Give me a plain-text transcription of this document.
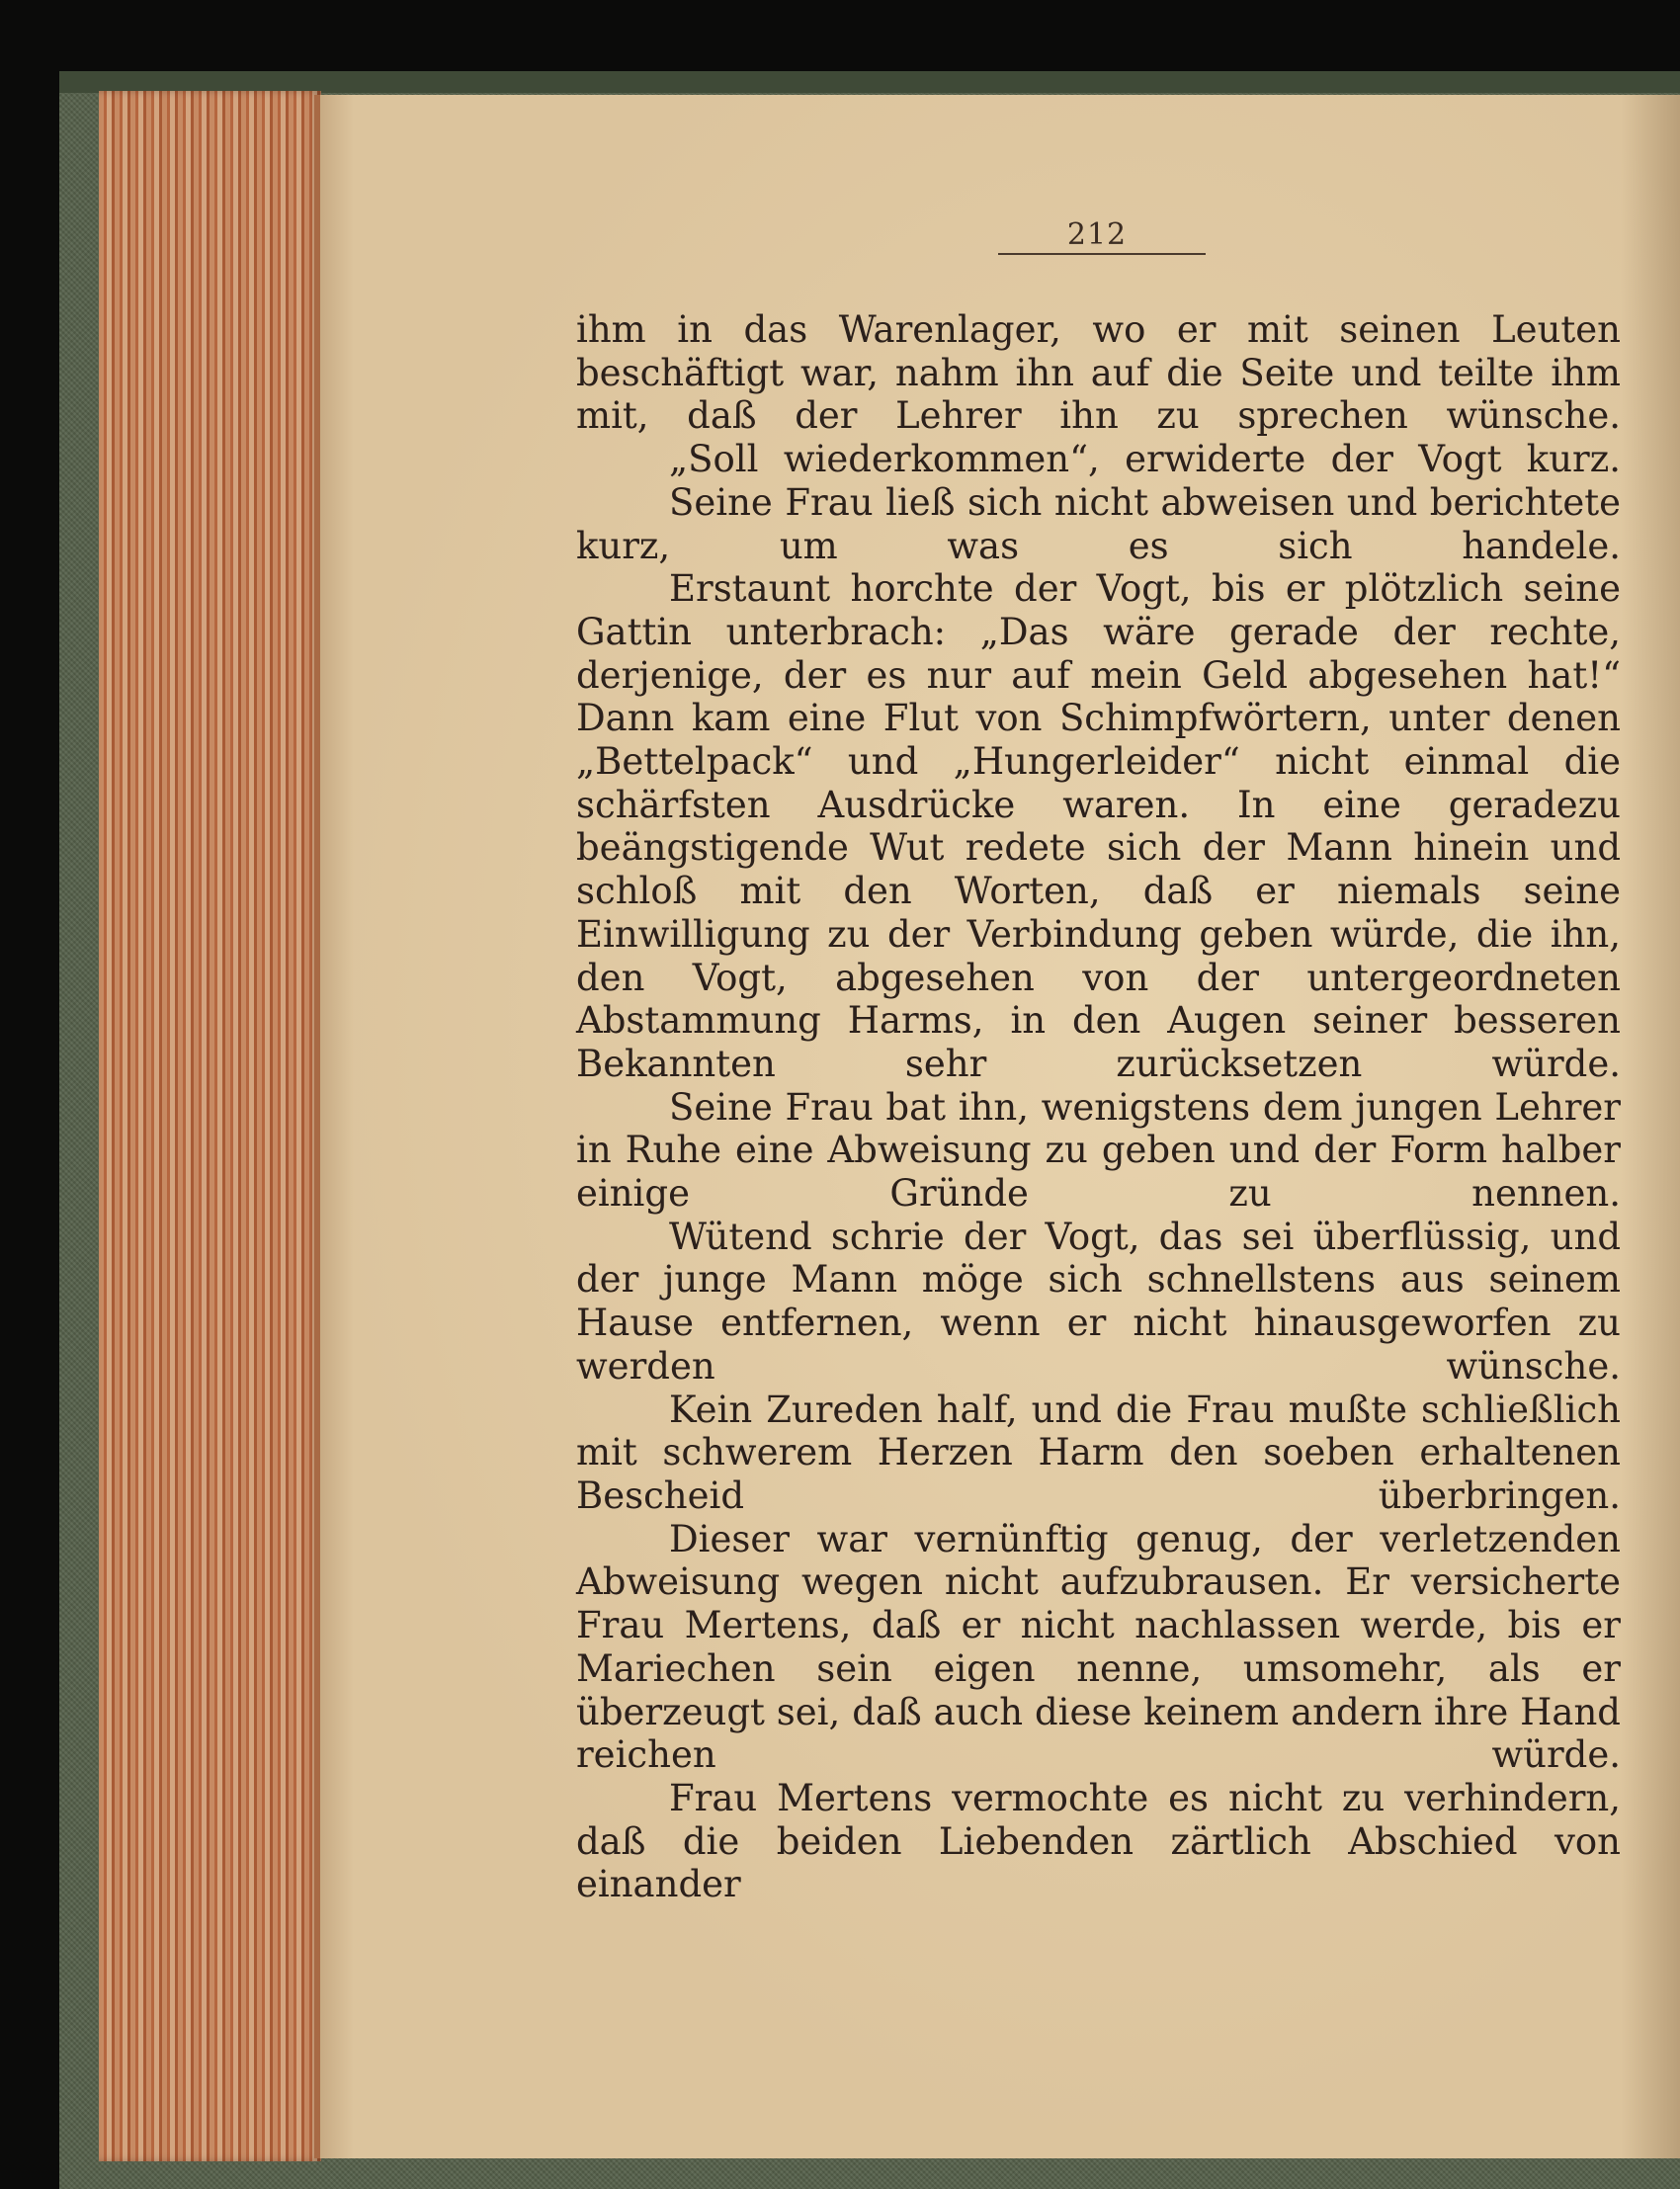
212

ihm in das Warenlager, wo er mit seinen Leuten beschäftigt war, nahm ihn auf die Seite und teilte ihm mit, daß der Lehrer ihn zu sprechen wünsche.

„Soll wiederkommen“, erwiderte der Vogt kurz.

Seine Frau ließ sich nicht abweisen und berichtete kurz, um was es sich handele.

Erstaunt horchte der Vogt, bis er plötzlich seine Gattin unterbrach: „Das wäre gerade der rechte, derjenige, der es nur auf mein Geld abgesehen hat!“ Dann kam eine Flut von Schimpfwörtern, unter denen „Bettelpack“ und „Hungerleider“ nicht einmal die schärfsten Ausdrücke waren. In eine geradezu beängstigende Wut redete sich der Mann hinein und schloß mit den Worten, daß er niemals seine Einwilligung zu der Verbindung geben würde, die ihn, den Vogt, abgesehen von der untergeordneten Abstammung Harms, in den Augen seiner besseren Bekannten sehr zurücksetzen würde.

Seine Frau bat ihn, wenigstens dem jungen Lehrer in Ruhe eine Abweisung zu geben und der Form halber einige Gründe zu nennen.

Wütend schrie der Vogt, das sei überflüssig, und der junge Mann möge sich schnellstens aus seinem Hause entfernen, wenn er nicht hinausgeworfen zu werden wünsche.

Kein Zureden half, und die Frau mußte schließlich mit schwerem Herzen Harm den soeben erhaltenen Bescheid überbringen.

Dieser war vernünftig genug, der verletzenden Abweisung wegen nicht aufzubrausen. Er versicherte Frau Mertens, daß er nicht nachlassen werde, bis er Mariechen sein eigen nenne, umsomehr, als er überzeugt sei, daß auch diese keinem andern ihre Hand reichen würde.

Frau Mertens vermochte es nicht zu verhindern, daß die beiden Liebenden zärtlich Abschied von einander
